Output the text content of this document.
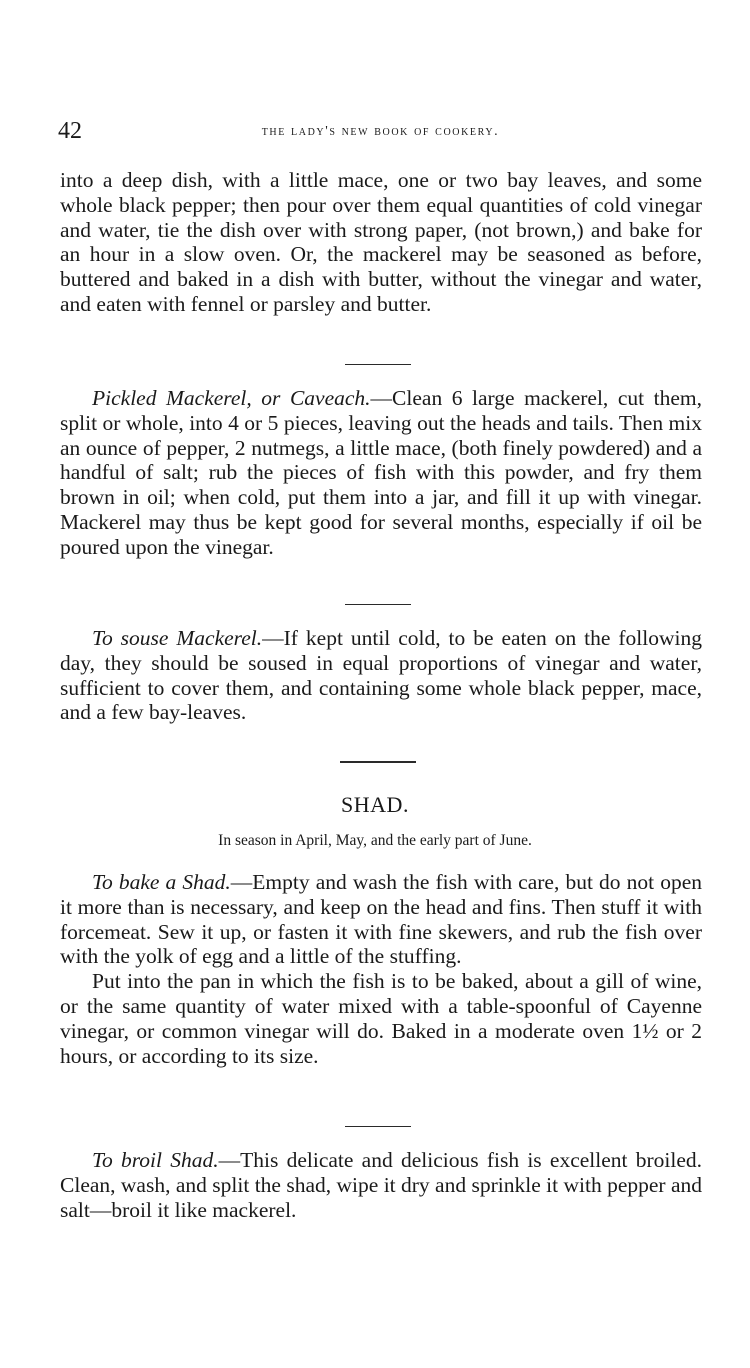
42	the lady's new book of cookery.

into a deep dish, with a little mace, one or two bay leaves, and some whole black pepper; then pour over them equal quantities of cold vinegar and water, tie the dish over with strong paper, (not brown,) and bake for an hour in a slow oven. Or, the mackerel may be seasoned as before, buttered and baked in a dish with butter, without the vinegar and water, and eaten with fennel or parsley and butter.

Pickled Mackerel, or Caveach.—Clean 6 large mackerel, cut them, split or whole, into 4 or 5 pieces, leaving out the heads and tails. Then mix an ounce of pepper, 2 nutmegs, a little mace, (both finely powdered) and a handful of salt; rub the pieces of fish with this powder, and fry them brown in oil; when cold, put them into a jar, and fill it up with vinegar. Mackerel may thus be kept good for several months, especially if oil be poured upon the vinegar.

To souse Mackerel.—If kept until cold, to be eaten on the following day, they should be soused in equal proportions of vinegar and water, sufficient to cover them, and containing some whole black pepper, mace, and a few bay-leaves.

SHAD.
In season in April, May, and the early part of June.

To bake a Shad.—Empty and wash the fish with care, but do not open it more than is necessary, and keep on the head and fins. Then stuff it with forcemeat. Sew it up, or fasten it with fine skewers, and rub the fish over with the yolk of egg and a little of the stuffing.

Put into the pan in which the fish is to be baked, about a gill of wine, or the same quantity of water mixed with a table-spoonful of Cayenne vinegar, or common vinegar will do. Baked in a moderate oven 1½ or 2 hours, or according to its size.

To broil Shad.—This delicate and delicious fish is excellent broiled. Clean, wash, and split the shad, wipe it dry and sprinkle it with pepper and salt—broil it like mackerel.
